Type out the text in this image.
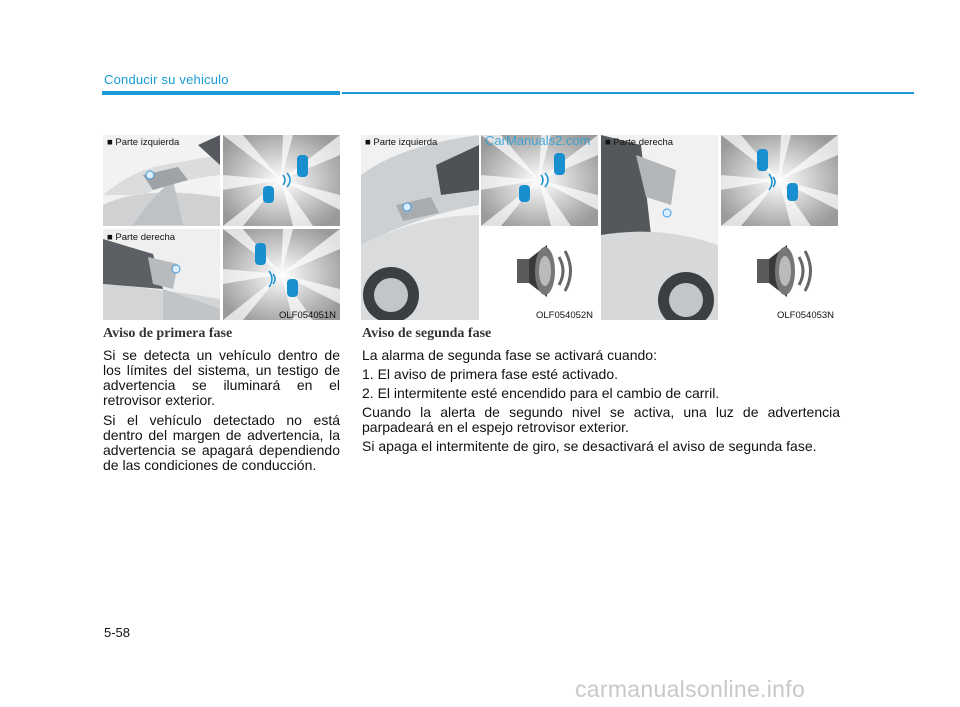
Conducir su vehiculo
■ Parte izquierda
■ Parte derecha
OLF054051N
■ Parte izquierda
OLF054052N
■ Parte derecha
OLF054053N
CarManuals2.com
Aviso de primera fase

Si se detecta un vehículo dentro de los límites del sistema, un testigo de advertencia se iluminará en el retrovisor exterior.

Si el vehículo detectado no está dentro del margen de advertencia, la advertencia se apagará dependiendo de las condiciones de conducción.

Aviso de segunda fase

La alarma de segunda fase se activará cuando:

1. El aviso de primera fase esté activado.

2. El intermitente esté encendido para el cambio de carril.

Cuando la alerta de segundo nivel se activa, una luz de advertencia parpadeará en el espejo retrovisor exterior.

Si apaga el intermitente de giro, se desactivará el aviso de segunda fase.

5-58
carmanualsonline.info
